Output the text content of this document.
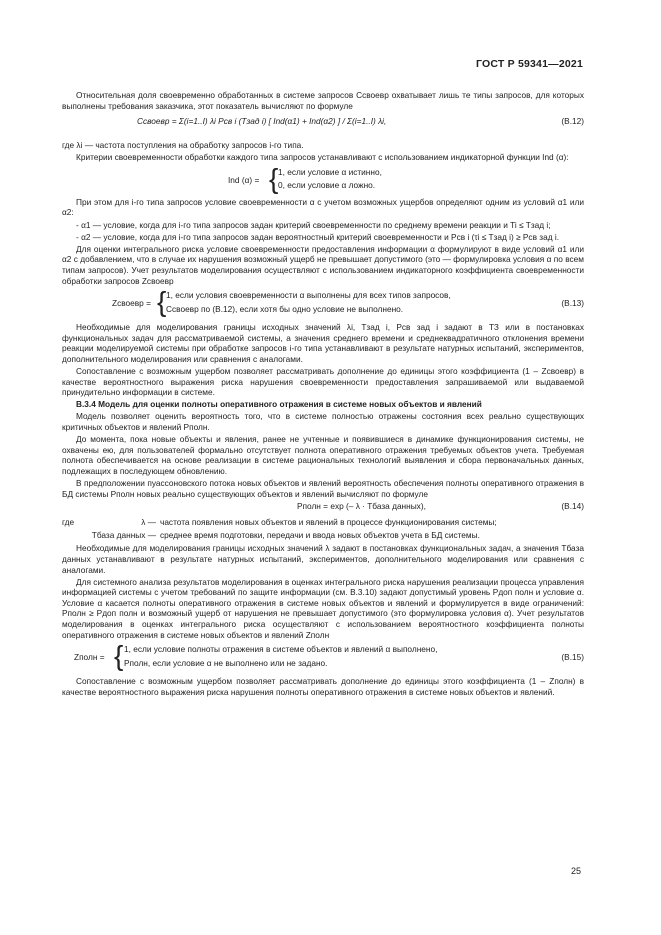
ГОСТ Р 59341—2021

Относительная доля своевременно обработанных в системе запросов Cсвоевр охватывает лишь те типы запросов, для которых выполнены требования заказчика, этот показатель вычисляют по формуле

Cсвоевр = Σ(i=1..I) λi Pсв i (Tзад i) [ Ind(α1) + Ind(α2) ] / Σ(i=1..I) λi,	(B.12)

где λi — частота поступления на обработку запросов i-го типа.

Критерии своевременности обработки каждого типа запросов устанавливают с использованием индикаторной функции Ind (α):

Ind (α) = { 1, если условие α истинно,
0, если условие α ложно.

При этом для i-го типа запросов условие своевременности α с учетом возможных ущербов определяют одним из условий α1 или α2:

- α1 — условие, когда для i-го типа запросов задан критерий своевременности по среднему времени реакции и Ti ≤ Tзад i;

- α2 — условие, когда для i-го типа запросов задан вероятностный критерий своевременности и Pсв i (τi ≤ Tзад i) ≥ Pсв зад i.

Для оценки интегрального риска условие своевременности предоставления информации α формулируют в виде условий α1 или α2 с добавлением, что в случае их нарушения возможный ущерб не превышает допустимого (это — формулировка условия α по всем типам запросов). Учет результатов моделирования осуществляют с использованием индикаторного коэффициента своевременности обработки запросов Zсвоевр

Zсвоевр = { 1, если условия своевременности α выполнены для всех типов запросов,
Cсвоевр по (B.12), если хотя бы одно условие не выполнено.
(B.13)

Необходимые для моделирования границы исходных значений λi, Tзад i, Pсв зад i задают в ТЗ или в постановках функциональных задач для рассматриваемой системы, а значения среднего времени и среднеквадратичного отклонения времени реакции моделируемой системы при обработке запросов i-го типа устанавливают в результате натурных испытаний, экспериментов, дополнительного моделирования или сравнения с аналогами.

Сопоставление с возможным ущербом позволяет рассматривать дополнение до единицы этого коэффициента (1 – Zсвоевр) в качестве вероятностного выражения риска нарушения своевременности предоставления запрашиваемой или выдаваемой принудительно информации в системе.

В.3.4 Модель для оценки полноты оперативного отражения в системе новых объектов и явлений

Модель позволяет оценить вероятность того, что в системе полностью отражены состояния всех реально существующих критичных объектов и явлений Pполн.

До момента, пока новые объекты и явления, ранее не учтенные и появившиеся в динамике функционирования системы, не охвачены ею, для пользователей формально отсутствует полнота оперативного отражения требуемых объектов учета. Требуемая полнота обеспечивается на основе реализации в системе рациональных технологий выявления и сбора первоначальных данных, подлежащих в последующем обновлению.

В предположении пуассоновского потока новых объектов и явлений вероятность обеспечения полноты оперативного отражения в БД системы Pполн новых реально существующих объектов и явлений вычисляют по формуле

Pполн = exp (– λ · Tбаза данных),	(B.14)
где	λ — частота появления новых объектов и явлений в процессе функционирования системы;
Tбаза данных — среднее время подготовки, передачи и ввода новых объектов учета в БД системы.

Необходимые для моделирования границы исходных значений λ задают в постановках функциональных задач, а значения Tбаза данных устанавливают в результате натурных испытаний, экспериментов, дополнительного моделирования или сравнения с аналогами.

Для системного анализа результатов моделирования в оценках интегрального риска нарушения реализации процесса управления информацией системы с учетом требований по защите информации (см. B.3.10) задают допустимый уровень Pдоп полн и условие α. Условие α касается полноты оперативного отражения в системе новых объектов и явлений и формулируется в виде ограничений: Pполн ≥ Pдоп полн и возможный ущерб от нарушения не превышает допустимого (это формулировка условия α). Учет результатов моделирования в оценках интегрального риска осуществляют с использованием вероятностного коэффициента полноты оперативного отражения в системе новых объектов и явлений Zполн

Zполн = { 1, если условие полноты отражения в системе объектов и явлений α выполнено,
Pполн, если условие α не выполнено или не задано.
(B.15)

Сопоставление с возможным ущербом позволяет рассматривать дополнение до единицы этого коэффициента (1 – Zполн) в качестве вероятностного выражения риска нарушения полноты оперативного отражения в системе новых объектов и явлений.

25
